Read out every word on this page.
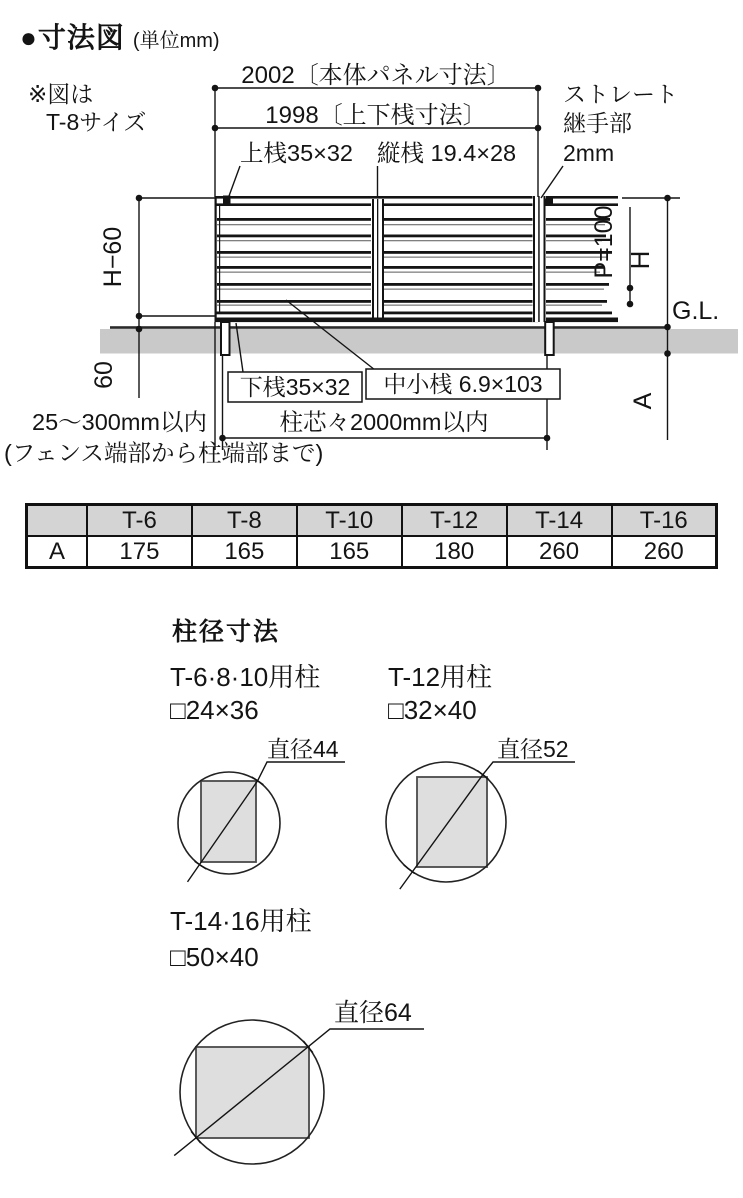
2002〔本体パネル寸法〕
1998〔上下桟寸法〕
上桟35×32 縦桟 19.4×28
ストレート
継手部
2mm
H−60
60
P=100 H
G.L.
A
下桟35×32 中小桟 6.9×103
25〜300mm以内	柱芯々2000mm以内
(フェンス端部から柱端部まで)
直径44	直径52
直径64
●寸法図 (単位mm)
※図は
T-8サイズ
	T-6	T-8	T-10	T-12	T-14	T-16
A	175	165	165	180	260	260
柱径寸法
T-6·8·10用柱
□24×36
T-12用柱
□32×40
T-14·16用柱
□50×40
